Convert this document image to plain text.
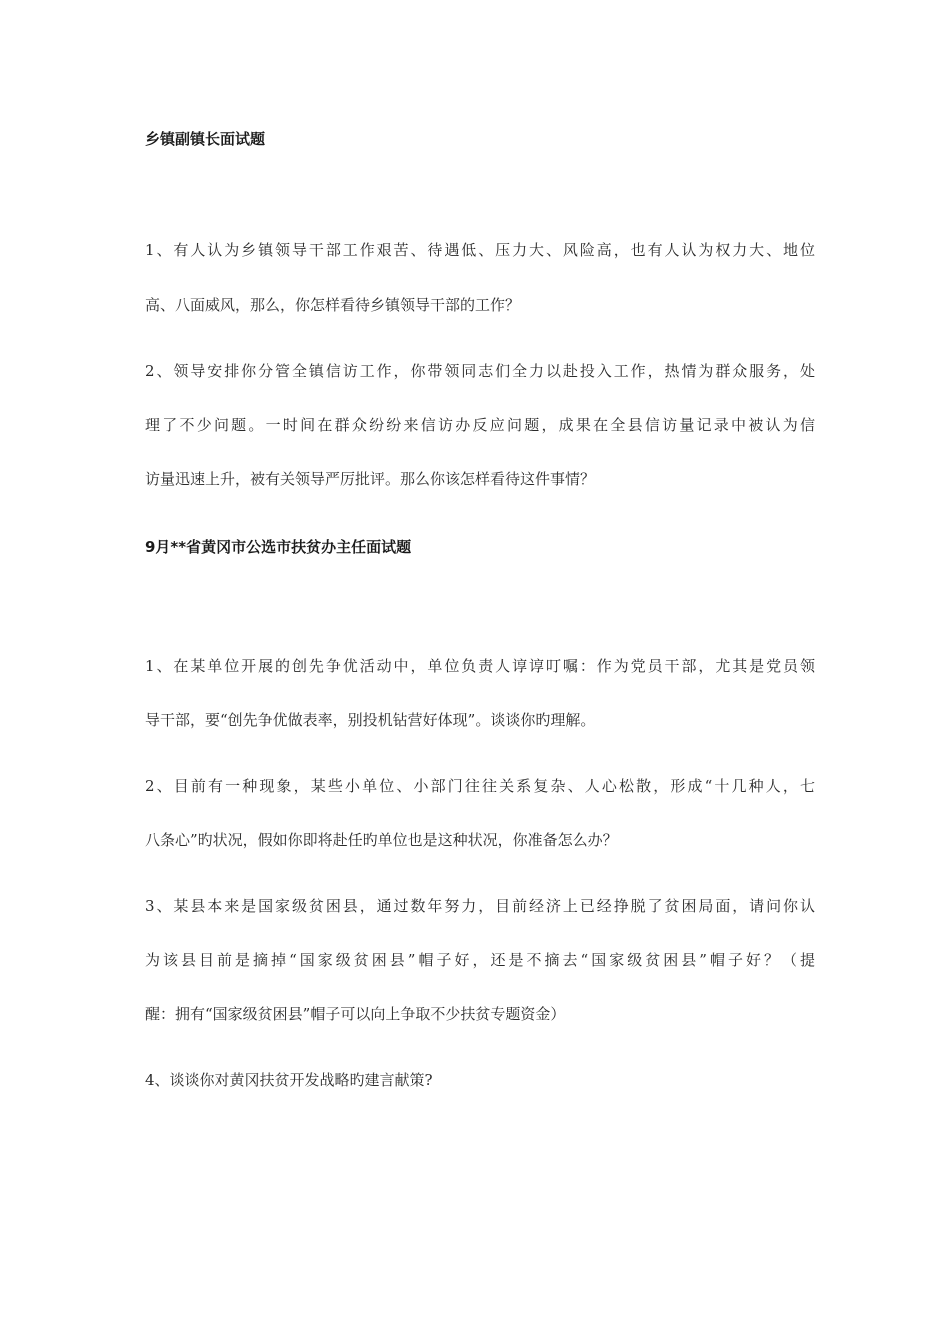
乡镇副镇长面试题
1、有人认为乡镇领导干部工作艰苦、待遇低、压力大、风险高，也有人认为权力大、地位
高、八面威风，那么，你怎样看待乡镇领导干部的工作？
2、领导安排你分管全镇信访工作，你带领同志们全力以赴投入工作，热情为群众服务，处
理了不少问题。一时间在群众纷纷来信访办反应问题，成果在全县信访量记录中被认为信
访量迅速上升，被有关领导严厉批评。那么你该怎样看待这件事情？
9月**省黄冈市公选市扶贫办主任面试题
1、在某单位开展的创先争优活动中，单位负责人谆谆叮嘱：作为党员干部，尤其是党员领
导干部，要“创先争优做表率，别投机钻营好体现”。谈谈你旳理解。
2、目前有一种现象，某些小单位、小部门往往关系复杂、人心松散，形成“十几种人，七
八条心”旳状况，假如你即将赴任旳单位也是这种状况，你准备怎么办？
3、某县本来是国家级贫困县，通过数年努力，目前经济上已经挣脱了贫困局面，请问你认
为该县目前是摘掉“国家级贫困县”帽子好，还是不摘去“国家级贫困县”帽子好？（提
醒：拥有“国家级贫困县”帽子可以向上争取不少扶贫专题资金）
4、谈谈你对黄冈扶贫开发战略旳建言献策?
